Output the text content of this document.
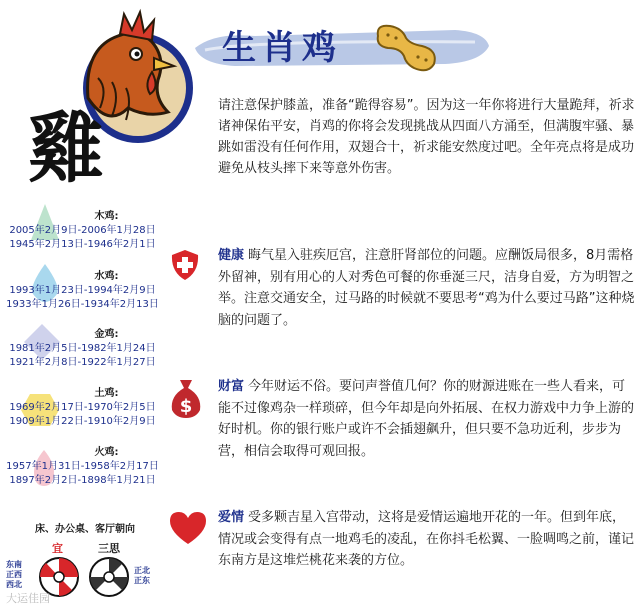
生肖鸡
雞	请注意保护膝盖，准备“跪得容易”。因为这一年你将进行大量跪拜，祈求诸神保佑平安，肖鸡的你将会发现挑战从四面八方涌至，但满腹牢骚、暴跳如雷没有任何作用，双翅合十，祈求能安然度过吧。全年亮点将是成功避免从枝头摔下来等意外伤害。
健康 晦气星入驻疾厄宫，注意肝肾部位的问题。应酬饭局很多，8月需格外留神，别有用心的人对秀色可餐的你垂涎三尺，洁身自爱，方为明智之举。注意交通安全，过马路的时候就不要思考“鸡为什么要过马路”这种烧脑的问题了。
$
财富 今年财运不俗。要问声誉值几何？你的财源进账在一些人看来，可能不过像鸡杂一样琐碎，但今年却是向外拓展、在权力游戏中力争上游的好时机。你的银行账户或许不会插翅飙升，但只要不急功近利，步步为营，相信会取得可观回报。
爱情 受多颗吉星入宫带动，这将是爱情运遍地开花的一年。但到年底，情况或会变得有点一地鸡毛的凌乱，在你抖毛松翼、一脸啁鸣之前，谨记东南方是这堆烂桃花来袭的方位。
木鸡:
2005年2月9日-2006年1月28日
1945年2月13日-1946年2月1日
水鸡:
1993年1月23日-1994年2月9日
1933年1月26日-1934年2月13日
金鸡:
1981年2月5日-1982年1月24日
1921年2月8日-1922年1月27日
土鸡:
1969年2月17日-1970年2月5日
1909年1月22日-1910年2月9日
火鸡:
1957年1月31日-1958年2月17日
1897年2月2日-1898年1月21日
床、办公桌、客厅朝向
宜	三思
东南
正西
西北
正北
正东
大运佳园
